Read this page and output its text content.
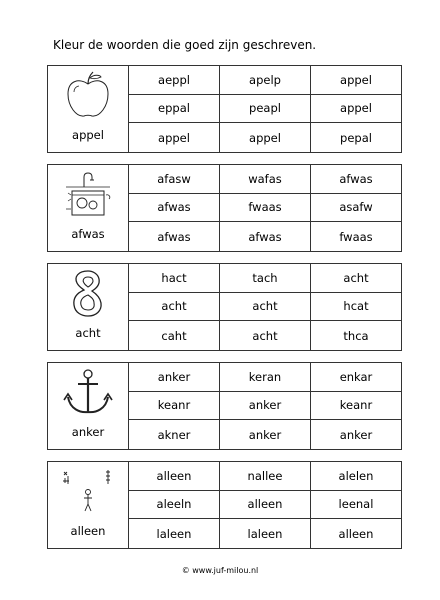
Kleur de woorden die goed zijn geschreven.
appel
aeppl	apelp	appel
eppal	peapl	appel
appel	appel	pepal
afwas
afasw	wafas	afwas
afwas	fwaas	asafw
afwas	afwas	fwaas
acht
hact	tach	acht
acht	acht	hcat
caht	acht	thca
anker
anker	keran	enkar
keanr	anker	keanr
akner	anker	anker
alleen
alleen	nallee	alelen
aleeln	alleen	leenal
laleen	laleen	alleen
© www.juf-milou.nl
